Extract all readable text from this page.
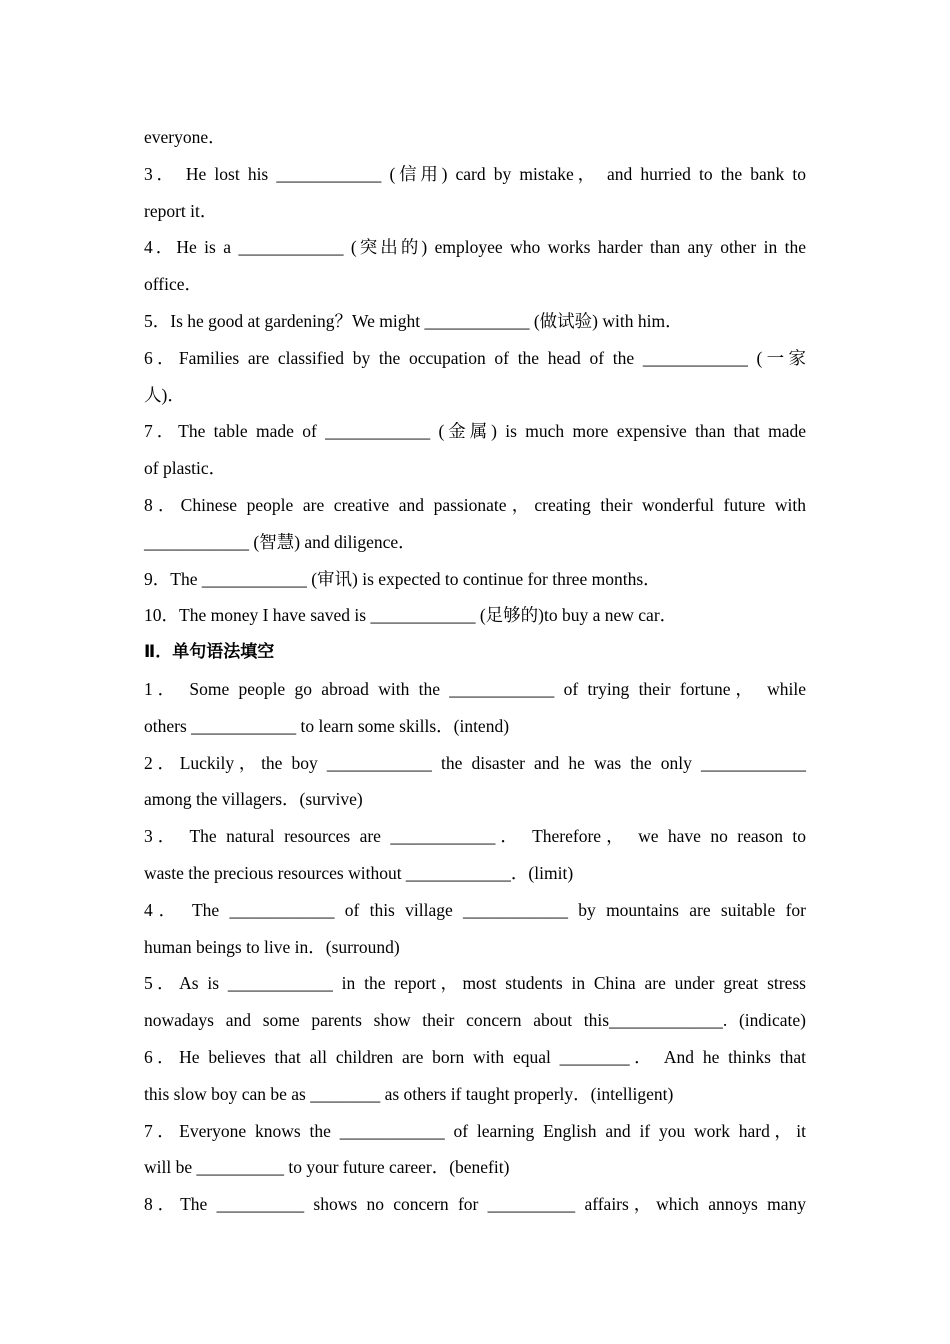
everyone．
3． He lost his ____________ (信用) card by mistake， and hurried to the bank to
report it．
4．He is a ____________ (突出的) employee who works harder than any other in the
office．
5．Is he good at gardening？We might ____________ (做试验) with him．
6．Families are classified by the occupation of the head of the ____________ (一家
人)．
7．The table made of ____________ (金属) is much more expensive than that made
of plastic．
8．Chinese people are creative and passionate，creating their wonderful future with
____________ (智慧) and diligence．
9．The ____________ (审讯) is expected to continue for three months．
10．The money I have saved is ____________ (足够的)to buy a new car．
Ⅱ．单句语法填空
1． Some people go abroad with the ____________ of trying their fortune， while
others ____________ to learn some skills．(intend)
2．Luckily，the boy ____________ the disaster and he was the only ____________
among the villagers．(survive)
3． The natural resources are ____________． Therefore， we have no reason to
waste the precious resources without ____________．(limit)
4． The ____________ of this village ____________ by mountains are suitable for
human beings to live in．(surround)
5．As is ____________ in the report，most students in China are under great stress
nowadays and some parents show their concern about this_____________. (indicate)
6．He believes that all children are born with equal ________． And he thinks that
this slow boy can be as ________ as others if taught properly．(intelligent)
7．Everyone knows the ____________ of learning English and if you work hard，it
will be __________ to your future career．(benefit)
8．The __________ shows no concern for __________ affairs，which annoys many
